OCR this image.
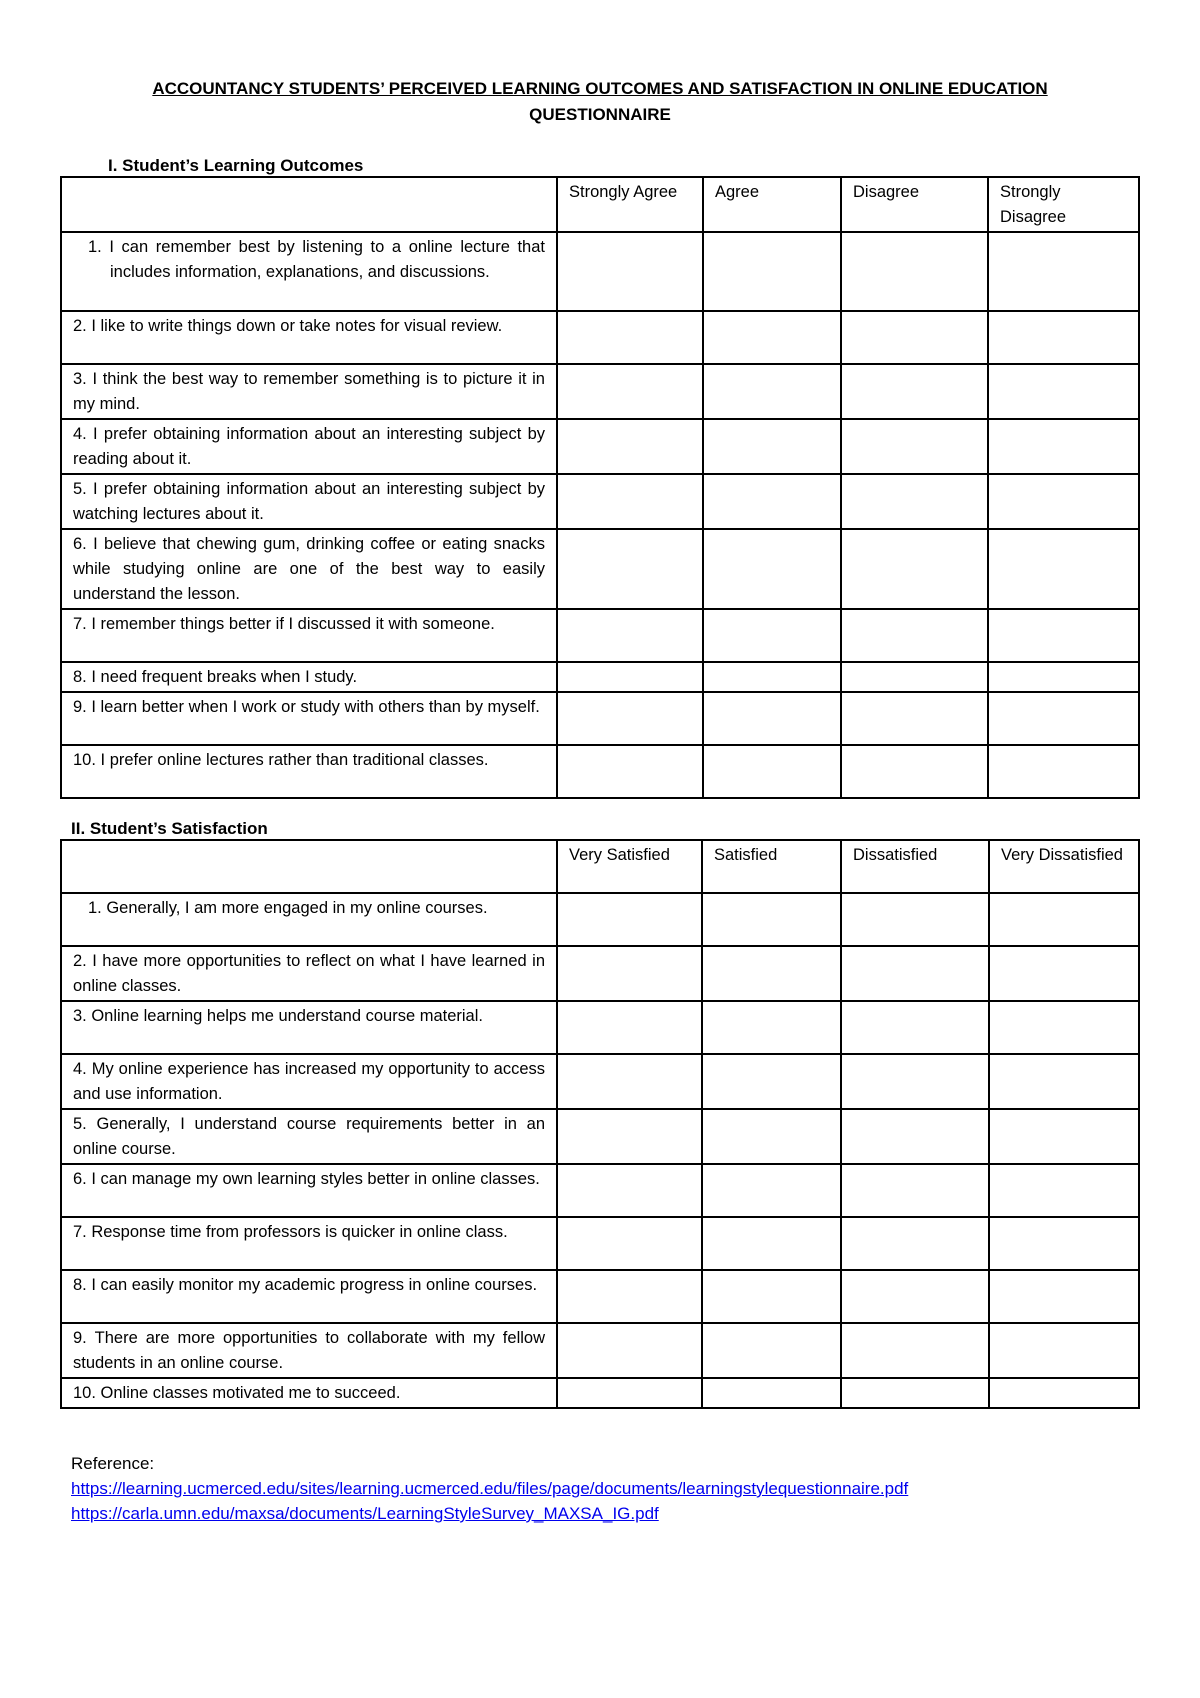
ACCOUNTANCY STUDENTS’ PERCEIVED LEARNING OUTCOMES AND SATISFACTION IN ONLINE EDUCATION
QUESTIONNAIRE
I. Student’s Learning Outcomes
	Strongly Agree	Agree	Disagree	Strongly Disagree
1. I can remember best by listening to a online lecture that includes information, explanations, and discussions.				
2. I like to write things down or take notes for visual review.				
3. I think the best way to remember something is to picture it in my mind.				
4. I prefer obtaining information about an interesting subject by reading about it.				
5. I prefer obtaining information about an interesting subject by watching lectures about it.				
6. I believe that chewing gum, drinking coffee or eating snacks while studying online are one of the best way to easily understand the lesson.				
7. I remember things better if I discussed it with someone.				
8. I need frequent breaks when I study.				
9. I learn better when I work or study with others than by myself.				
10. I prefer online lectures rather than traditional classes.				
II. Student’s Satisfaction
	Very Satisfied	Satisfied	Dissatisfied	Very Dissatisfied
1. Generally, I am more engaged in my online courses.				
2. I have more opportunities to reflect on what I have learned in online classes.				
3. Online learning helps me understand course material.				
4. My online experience has increased my opportunity to access and use information.				
5. Generally, I understand course requirements better in an online course.				
6. I can manage my own learning styles better in online classes.				
7. Response time from professors is quicker in online class.				
8. I can easily monitor my academic progress in online courses.				
9. There are more opportunities to collaborate with my fellow students in an online course.				
10. Online classes motivated me to succeed.				
Reference:
https://learning.ucmerced.edu/sites/learning.ucmerced.edu/files/page/documents/learningstylequestionnaire.pdf
https://carla.umn.edu/maxsa/documents/LearningStyleSurvey_MAXSA_IG.pdf
